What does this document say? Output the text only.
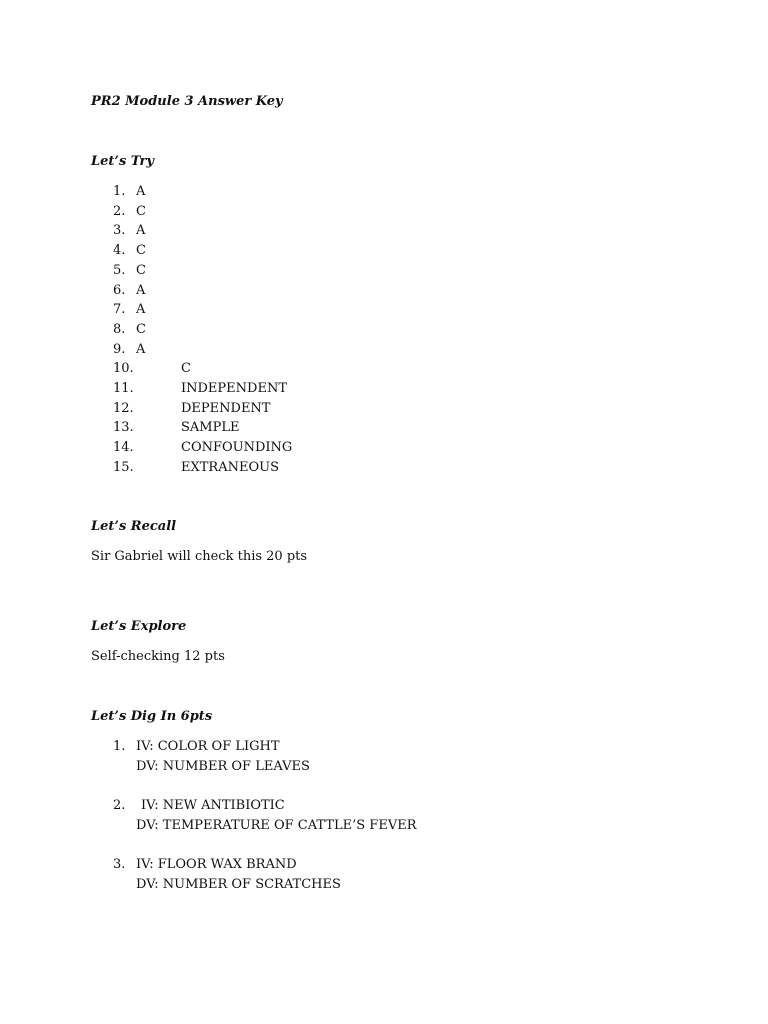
PR2 Module 3 Answer Key

Let’s Try

1. A
2. C
3. A
4. C
5. C
6. A
7. A
8. C
9. A
10.	C
11.	INDEPENDENT
12.	DEPENDENT
13.	SAMPLE
14.	CONFOUNDING
15.	EXTRANEOUS

Let’s Recall

Sir Gabriel will check this 20 pts

Let’s Explore

Self-checking 12 pts

Let’s Dig In 6pts

1. IV: COLOR OF LIGHT
DV: NUMBER OF LEAVES
2.	IV: NEW ANTIBIOTIC
DV: TEMPERATURE OF CATTLE’S FEVER
3. IV: FLOOR WAX BRAND
DV: NUMBER OF SCRATCHES
